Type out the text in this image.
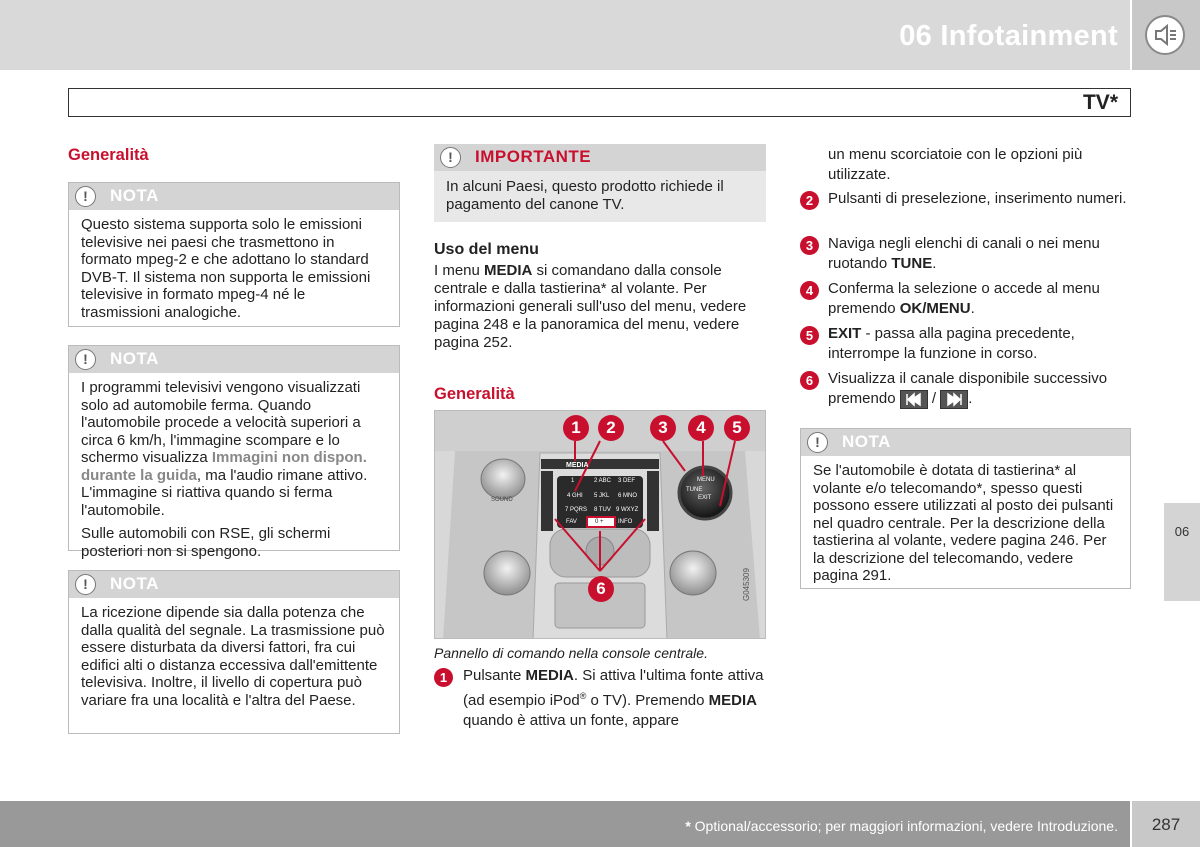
06 Infotainment
TV*
Generalità
!	NOTA

Questo sistema supporta solo le emissioni televisive nei paesi che trasmettono in formato mpeg-2 e che adottano lo standard DVB-T. Il sistema non supporta le emissioni televisive in formato mpeg-4 né le trasmissioni analogiche.

!	NOTA

I programmi televisivi vengono visualizzati solo ad automobile ferma. Quando l'automobile procede a velocità superiori a circa 6 km/h, l'immagine scompare e lo schermo visualizza Immagini non dispon. durante la guida, ma l'audio rimane attivo. L'immagine si riattiva quando si ferma l'automobile.

Sulle automobili con RSE, gli schermi posteriori non si spengono.

!	NOTA

La ricezione dipende sia dalla potenza che dalla qualità del segnale. La trasmissione può essere disturbata da diversi fattori, fra cui edifici alti o distanza eccessiva dall'emittente televisiva. Inoltre, il livello di copertura può variare fra una località e l'altra del Paese.

!	IMPORTANTE

In alcuni Paesi, questo prodotto richiede il pagamento del canone TV.

Uso del menu
I menu MEDIA si comandano dalla console centrale e dalla tastierina* al volante. Per informazioni generali sull'uso del menu, vedere pagina 248 e la panoramica del menu, vedere pagina 252.
Generalità
G045309
MEDIA
1	2 ABC 3 DEF
4 GHI 5 JKL 6 MNO
7 PQRS 8 TUV 9 WXYZ
0 +
FAV	INFO
TUNE
EXIT
SOUND
MENU
1	2	3	4	5
6
Pannello di comando nella console centrale.
1	Pulsante MEDIA. Si attiva l'ultima fonte attiva (ad esempio iPod® o TV). Premendo MEDIA quando è attiva un fonte, appare
un menu scorciatoie con le opzioni più utilizzate.
2 Pulsanti di preselezione, inserimento numeri.
3 Naviga negli elenchi di canali o nei menu ruotando TUNE.
4 Conferma la selezione o accede al menu premendo OK/MENU.
5 EXIT - passa alla pagina precedente, interrompe la funzione in corso.
6 Visualizza il canale disponibile successivo premendo
/
.
!	NOTA

Se l'automobile è dotata di tastierina* al volante e/o telecomando*, spesso questi possono essere utilizzati al posto dei pulsanti nel quadro centrale. Per la descrizione della tastierina al volante, vedere pagina 246. Per la descrizione del telecomando, vedere pagina 291.

06
* Optional/accessorio; per maggiori informazioni, vedere Introduzione.	287
